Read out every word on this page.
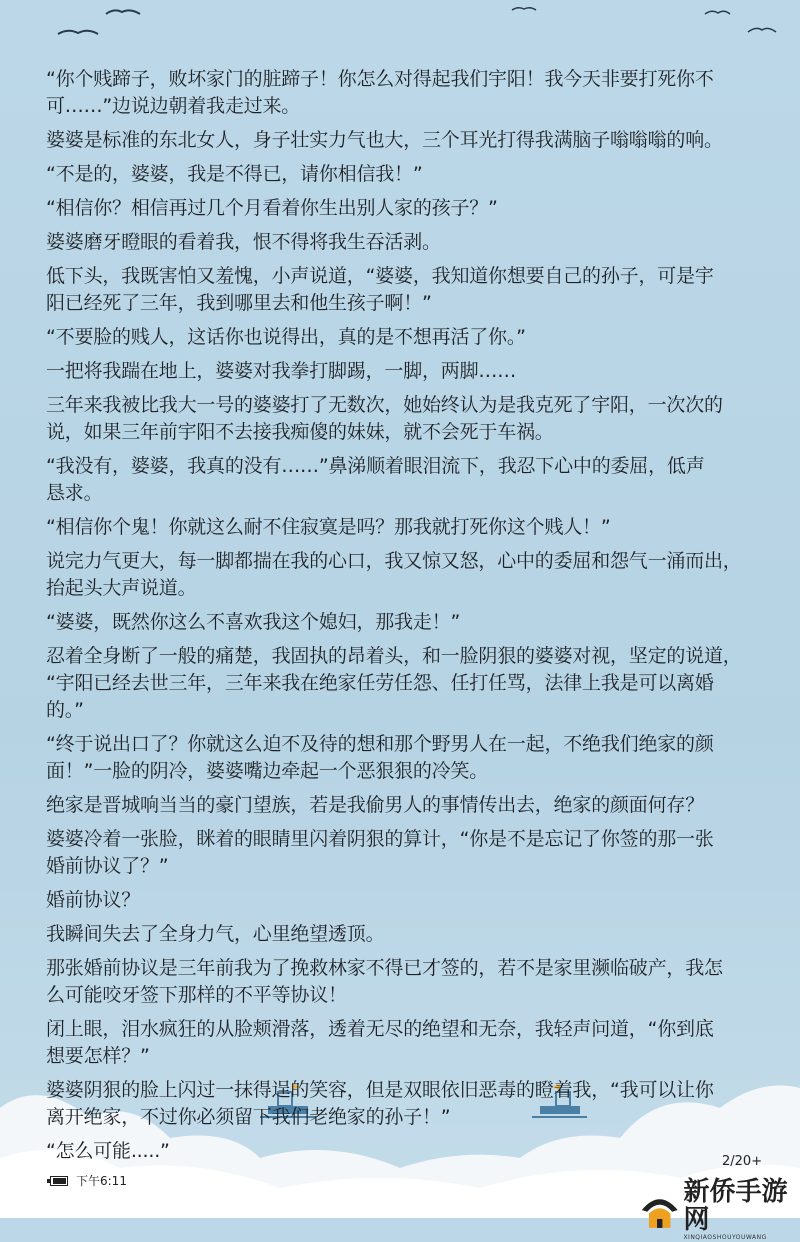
“你个贱蹄子，败坏家门的脏蹄子！你怎么对得起我们宇阳！我今天非要打死你不
可……”边说边朝着我走过来。
婆婆是标准的东北女人，身子壮实力气也大，三个耳光打得我满脑子嗡嗡嗡的响。
“不是的，婆婆，我是不得已，请你相信我！”
“相信你？相信再过几个月看着你生出别人家的孩子？”
婆婆磨牙瞪眼的看着我，恨不得将我生吞活剥。
低下头，我既害怕又羞愧，小声说道，“婆婆，我知道你想要自己的孙子，可是宇
阳已经死了三年，我到哪里去和他生孩子啊！”
“不要脸的贱人，这话你也说得出，真的是不想再活了你。”
一把将我踹在地上，婆婆对我拳打脚踢，一脚，两脚……
三年来我被比我大一号的婆婆打了无数次，她始终认为是我克死了宇阳，一次次的
说，如果三年前宇阳不去接我痴傻的妹妹，就不会死于车祸。
“我没有，婆婆，我真的没有……”鼻涕顺着眼泪流下，我忍下心中的委屈，低声
恳求。
“相信你个鬼！你就这么耐不住寂寞是吗？那我就打死你这个贱人！”
说完力气更大，每一脚都揣在我的心口，我又惊又怒，心中的委屈和怨气一涌而出，
抬起头大声说道。
“婆婆，既然你这么不喜欢我这个媳妇，那我走！”
忍着全身断了一般的痛楚，我固执的昂着头，和一脸阴狠的婆婆对视，坚定的说道，
“宇阳已经去世三年，三年来我在绝家任劳任怨、任打任骂，法律上我是可以离婚
的。”
“终于说出口了？你就这么迫不及待的想和那个野男人在一起，不绝我们绝家的颜
面！”一脸的阴冷，婆婆嘴边牵起一个恶狠狠的冷笑。
绝家是晋城响当当的豪门望族，若是我偷男人的事情传出去，绝家的颜面何存？
婆婆冷着一张脸，眯着的眼睛里闪着阴狠的算计，“你是不是忘记了你签的那一张
婚前协议了？”
婚前协议？
我瞬间失去了全身力气，心里绝望透顶。
那张婚前协议是三年前我为了挽救林家不得已才签的，若不是家里濒临破产，我怎
么可能咬牙签下那样的不平等协议！
闭上眼，泪水疯狂的从脸颊滑落，透着无尽的绝望和无奈，我轻声问道，“你到底
想要怎样？”
婆婆阴狠的脸上闪过一抹得逞的笑容，但是双眼依旧恶毒的瞪着我，“我可以让你
离开绝家，不过你必须留下我们老绝家的孙子！”
“怎么可能.....”
下午6:11
2/20+
新侨手游网
XINQIAOSHOUYOUWANG
